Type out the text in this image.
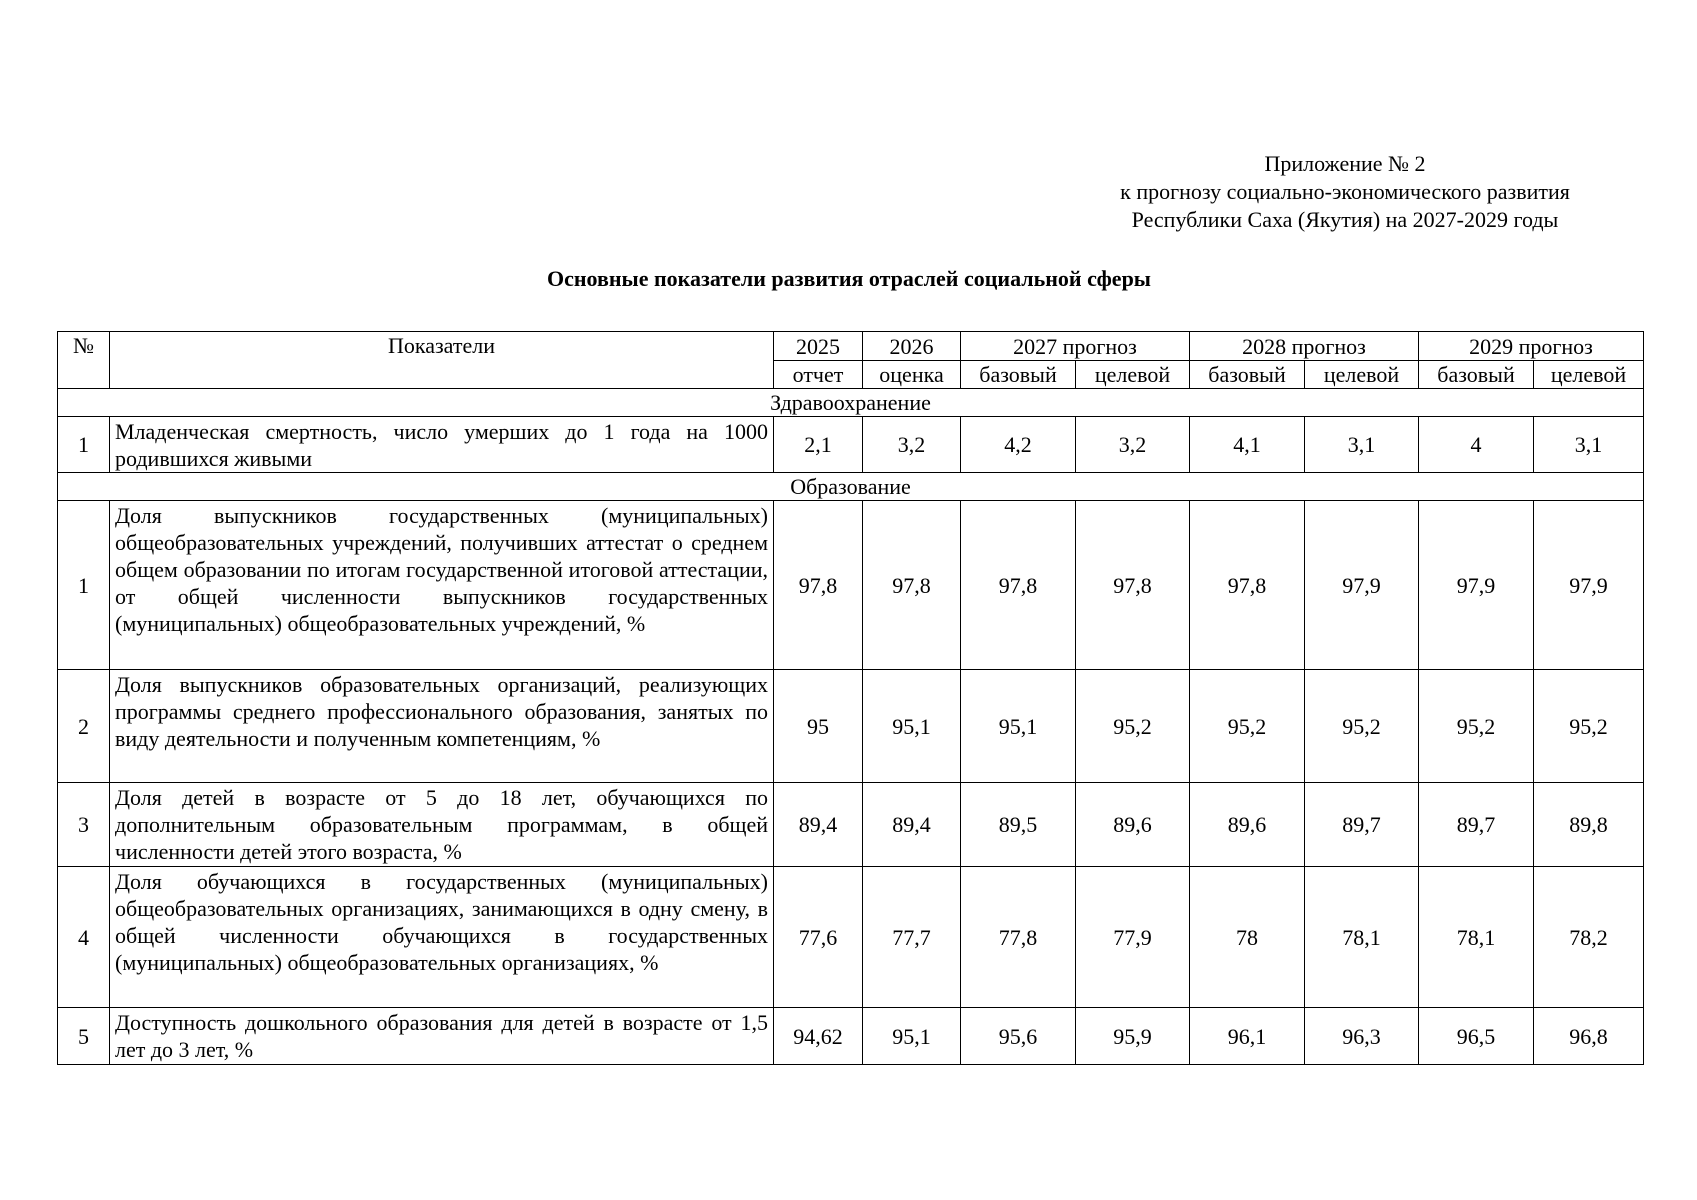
Приложение № 2
к прогнозу социально-экономического развития
Республики Саха (Якутия) на 2027-2029 годы
Основные показатели развития отраслей социальной сферы
№	Показатели	2025	2026	2027 прогноз		2028 прогноз		2029 прогноз	
		отчет	оценка	базовый	целевой	базовый	целевой	базовый	целевой
Здравоохранение									
1	Младенческая смертность, число умерших до 1 года на 1000 родившихся живыми	2,1	3,2	4,2	3,2	4,1	3,1	4	3,1
Образование									
1	Доля выпускников государственных (муниципальных) общеобразовательных учреждений, получивших аттестат о среднем общем образовании по итогам государственной итоговой аттестации, от общей численности выпускников государственных (муниципальных) общеобразовательных учреждений, %	97,8	97,8	97,8	97,8	97,8	97,9	97,9	97,9
2	Доля выпускников образовательных организаций, реализующих программы среднего профессионального образования, занятых по виду деятельности и полученным компетенциям, %	95	95,1	95,1	95,2	95,2	95,2	95,2	95,2
3	Доля детей в возрасте от 5 до 18 лет, обучающихся по дополнительным образовательным программам, в общей численности детей этого возраста, %	89,4	89,4	89,5	89,6	89,6	89,7	89,7	89,8
4	Доля обучающихся в государственных (муниципальных) общеобразовательных организациях, занимающихся в одну смену, в общей численности обучающихся в государственных (муниципальных) общеобразовательных организациях, %	77,6	77,7	77,8	77,9	78	78,1	78,1	78,2
5	Доступность дошкольного образования для детей в возрасте от 1,5 лет до 3 лет, %	94,62	95,1	95,6	95,9	96,1	96,3	96,5	96,8
